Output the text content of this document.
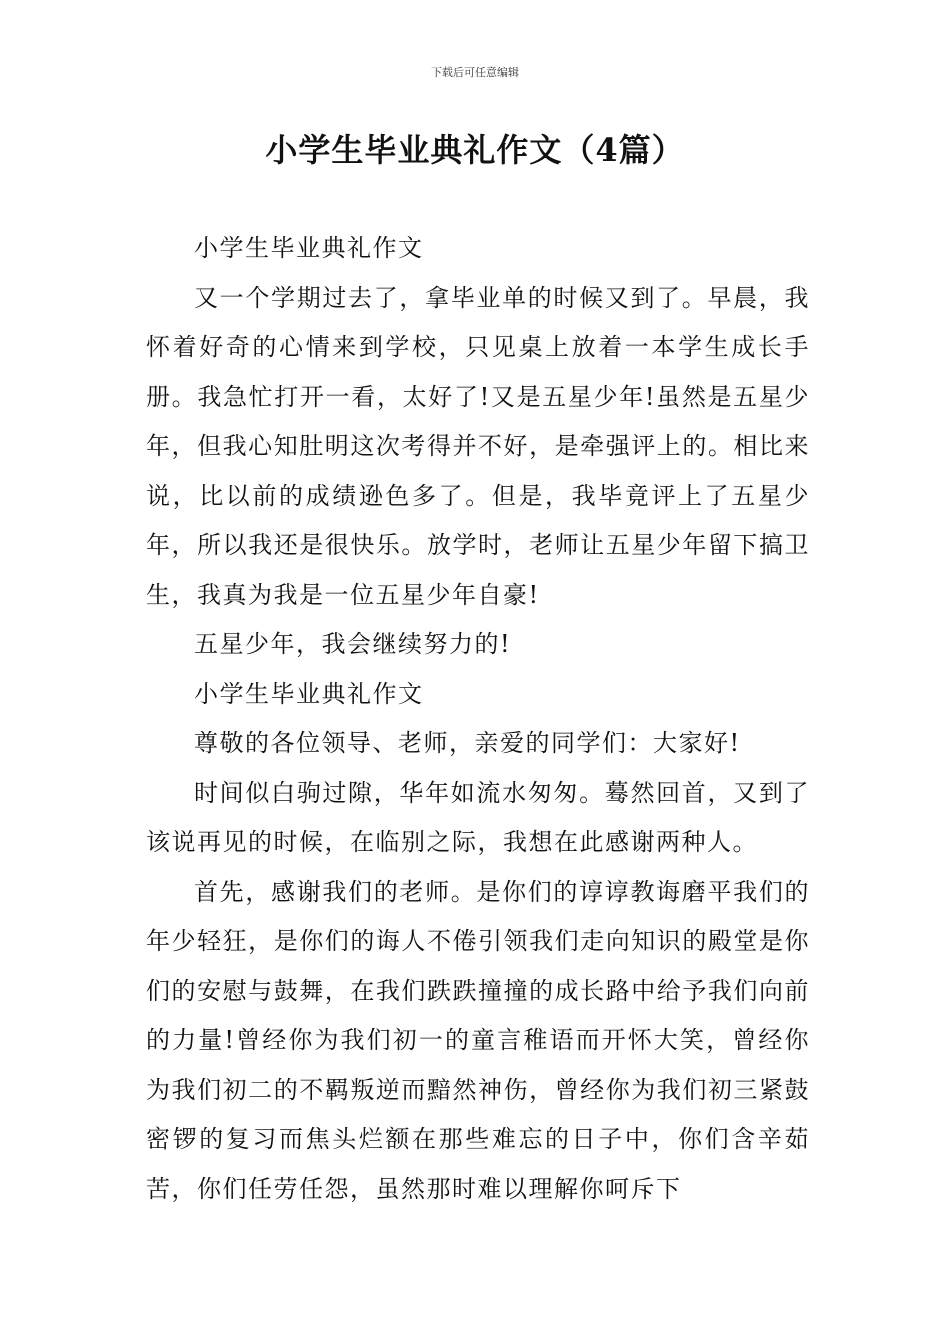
下载后可任意编辑
小学生毕业典礼作文（4篇）

小学生毕业典礼作文

又一个学期过去了，拿毕业单的时候又到了。早晨，我怀着好奇的心情来到学校，只见桌上放着一本学生成长手册。我急忙打开一看，太好了!又是五星少年!虽然是五星少年，但我心知肚明这次考得并不好，是牵强评上的。相比来说，比以前的成绩逊色多了。但是，我毕竟评上了五星少年，所以我还是很快乐。放学时，老师让五星少年留下搞卫生，我真为我是一位五星少年自豪!

五星少年，我会继续努力的!

小学生毕业典礼作文

尊敬的各位领导、老师，亲爱的同学们：大家好!

时间似白驹过隙，华年如流水匆匆。蓦然回首，又到了该说再见的时候，在临别之际，我想在此感谢两种人。

首先，感谢我们的老师。是你们的谆谆教诲磨平我们的年少轻狂，是你们的诲人不倦引领我们走向知识的殿堂是你们的安慰与鼓舞，在我们跌跌撞撞的成长路中给予我们向前的力量!曾经你为我们初一的童言稚语而开怀大笑，曾经你为我们初二的不羁叛逆而黯然神伤，曾经你为我们初三紧鼓密锣的复习而焦头烂额在那些难忘的日子中，你们含辛茹苦，你们任劳任怨，虽然那时难以理解你呵斥下
